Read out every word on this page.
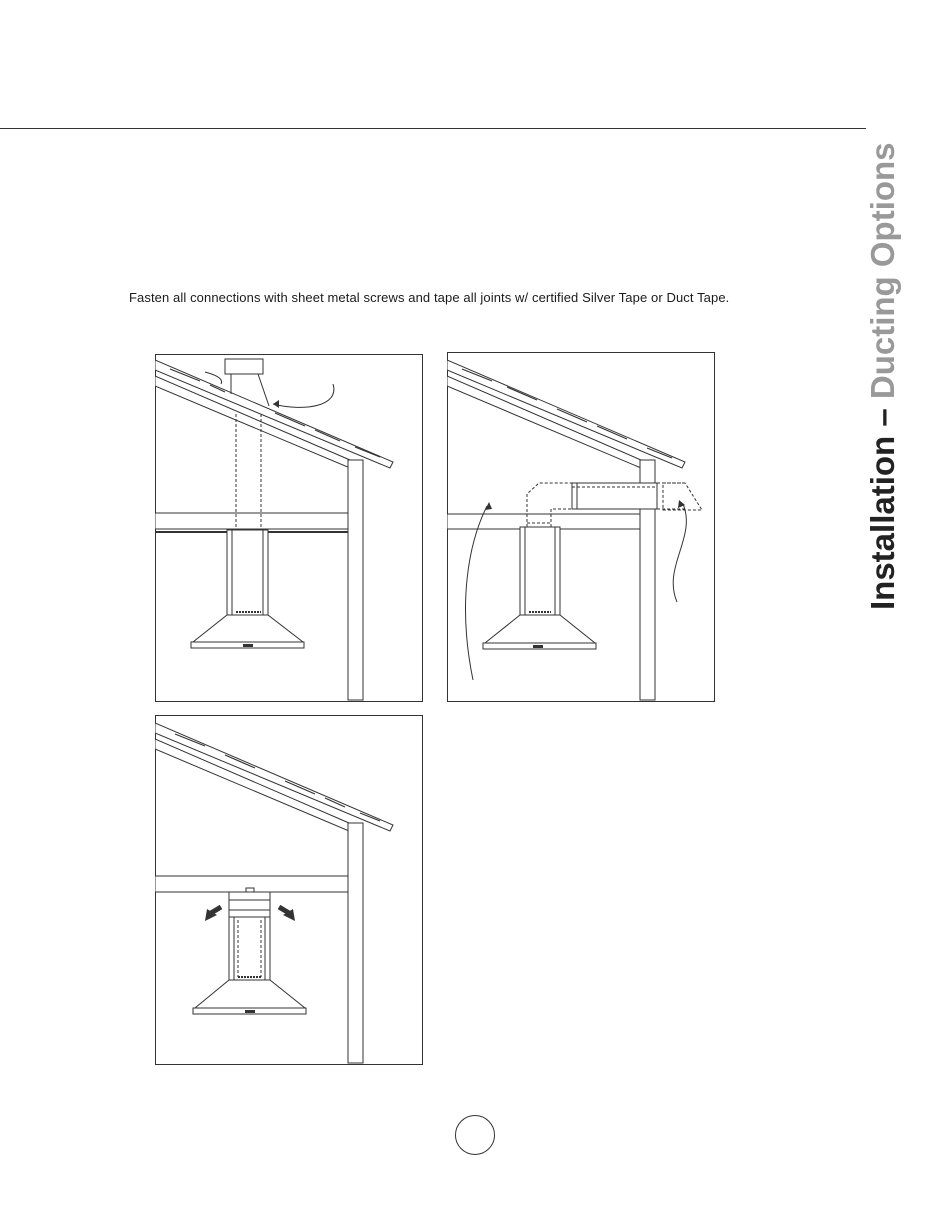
Installation – Ducting Options
Fasten all connections with sheet metal screws and tape all joints w/ certified Silver Tape or Duct Tape.
